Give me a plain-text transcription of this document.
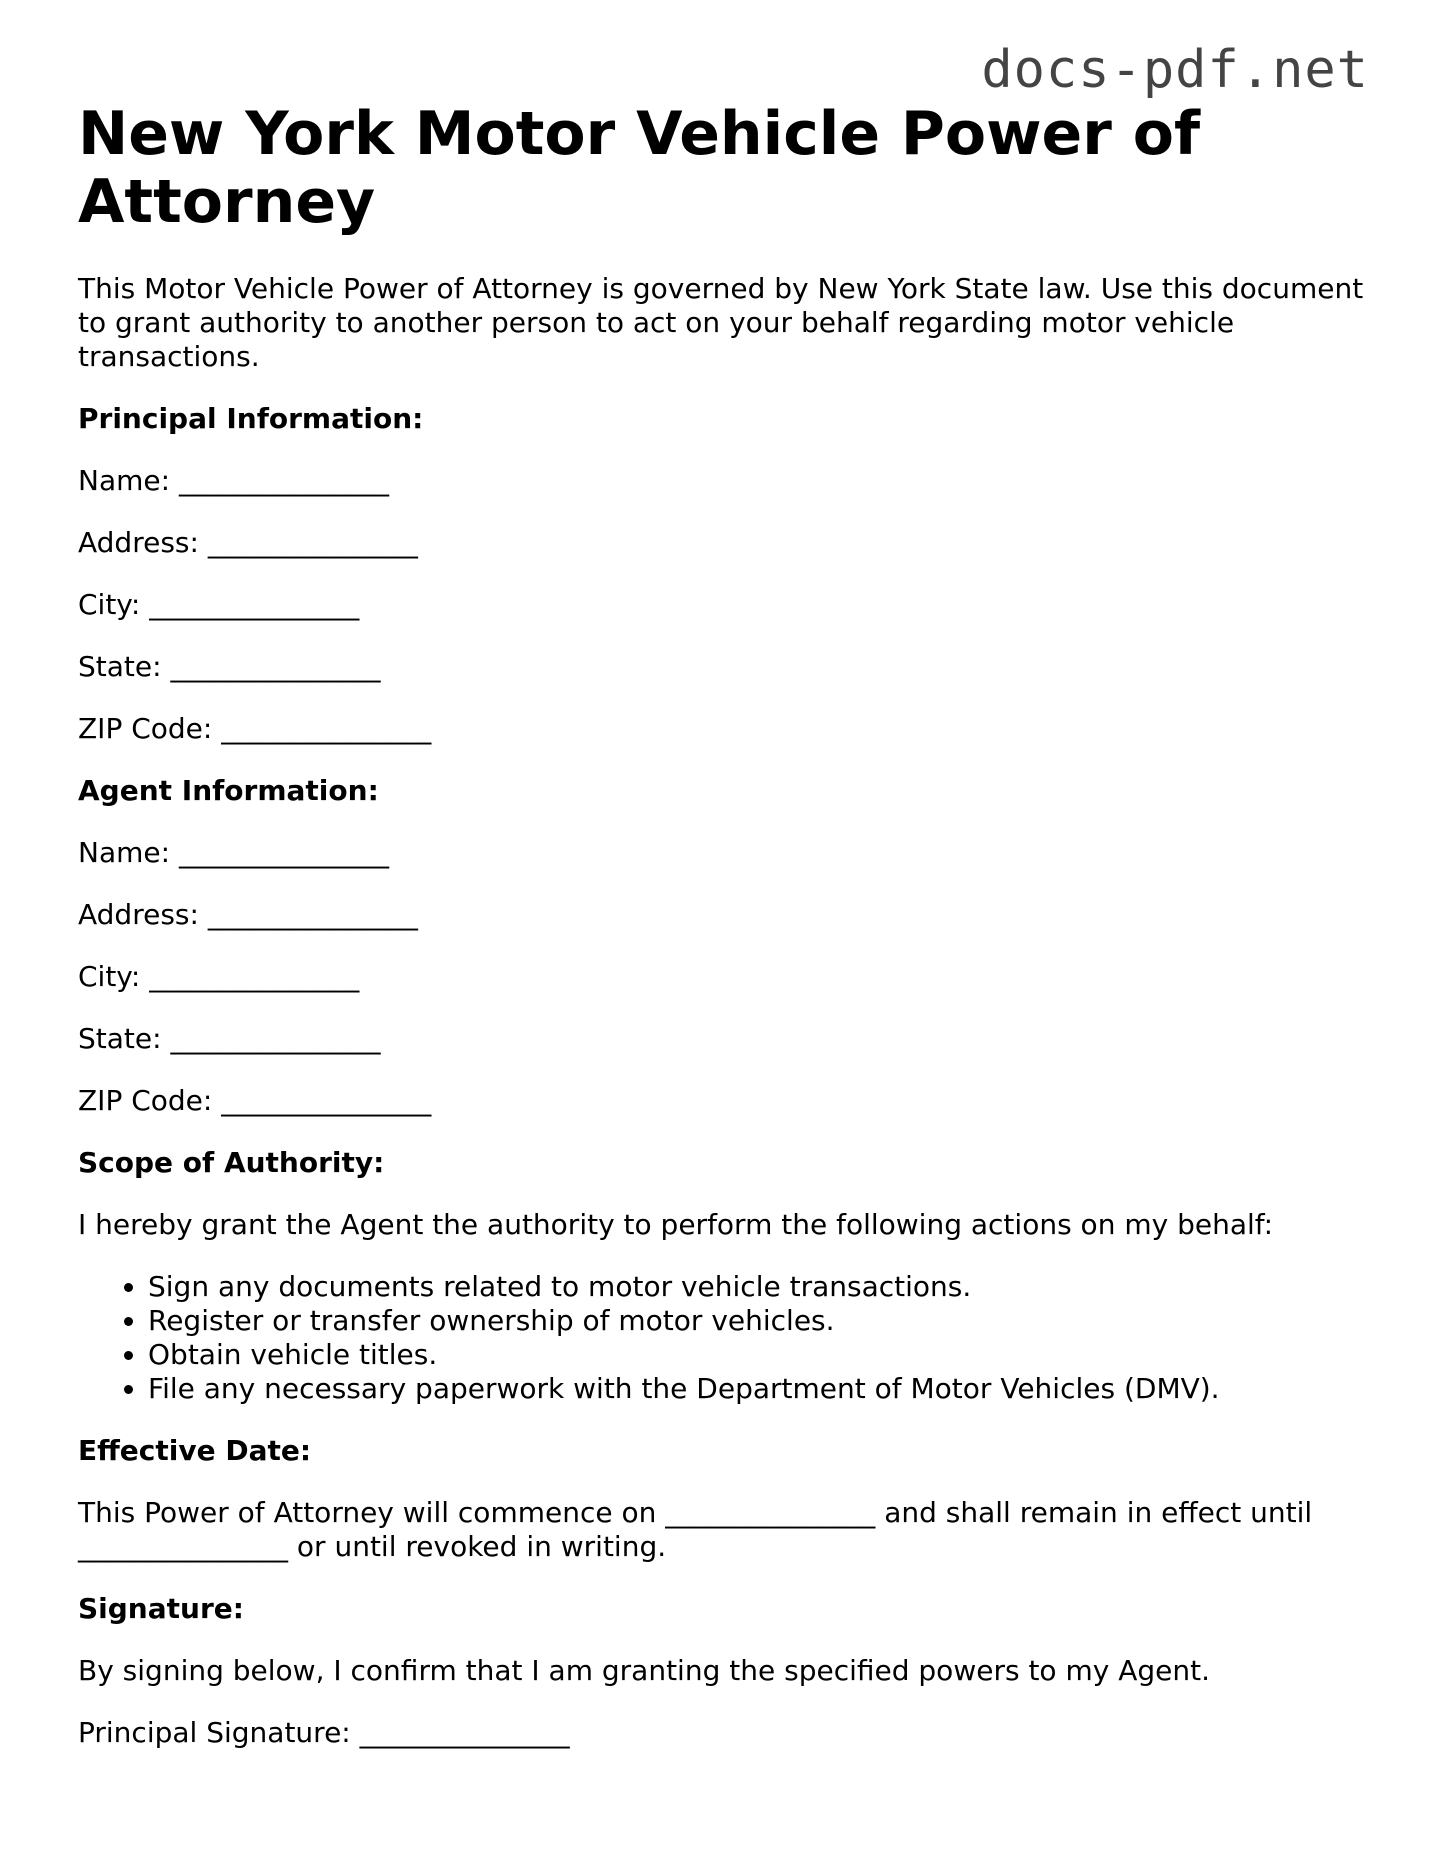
docs-pdf.net
New York Motor Vehicle Power of Attorney

This Motor Vehicle Power of Attorney is governed by New York State law. Use this document to grant authority to another person to act on your behalf regarding motor vehicle transactions.

Principal Information:
Name: _______________
Address: _______________
City: _______________
State: _______________
ZIP Code: _______________
Agent Information:
Name: _______________
Address: _______________
City: _______________
State: _______________
ZIP Code: _______________
Scope of Authority:

I hereby grant the Agent the authority to perform the following actions on my behalf:

• Sign any documents related to motor vehicle transactions.
• Register or transfer ownership of motor vehicles.
• Obtain vehicle titles.
• File any necessary paperwork with the Department of Motor Vehicles (DMV).
Effective Date:

This Power of Attorney will commence on _______________ and shall remain in effect until _______________ or until revoked in writing.

Signature:

By signing below, I confirm that I am granting the specified powers to my Agent.

Principal Signature: _______________
